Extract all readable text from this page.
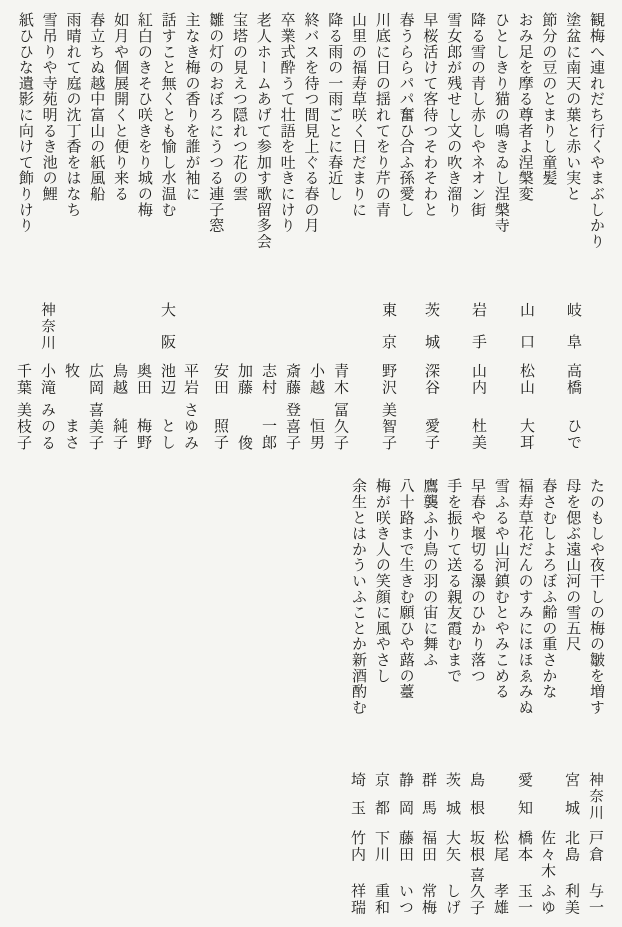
観梅へ連れだち行くやまぶしかり
塗盆に南天の葉と赤い実と
節分の豆のとまりし童髪
おみ足を摩る尊者よ涅槃変
ひとしきり猫の鳴きゐし涅槃寺
降る雪の青し赤しやネオン街
雪女郎が残せし文の吹き溜り
早桜活けて客待つそわそわと
春うららパパ奮ひ合ふ孫愛し
川底に日の揺れてをり芹の青
山里の福寿草咲く日だまりに
降る雨の一雨ごとに春近し
終バスを待つ間見上ぐる春の月
卒業式酔うて壮語を吐きにけり
老人ホームあげて参加す歌留多会
宝塔の見えつ隠れつ花の雲
雛の灯のおぼろにうつる連子窓
主なき梅の香りを誰が袖に
話すこと無くとも愉し水温む
紅白のきそひ咲きをり城の梅
如月や個展開くと便り来る
春立ちぬ越中富山の紙風船
雨晴れて庭の沈丁香をはなち
雪吊りや寺苑明るき池の鯉
紙ひひな遺影に向けて飾りけり
岐阜
高橋
ひで
山口
松山
大耳
岩手
山内
杜美
茨城
深谷
愛子
東京
野沢
美智子
青木
冨久子
小越
恒男
斎藤
登喜子
志村
一郎
加藤
俊
安田
照子
平岩
さゆみ
大阪
池辺
とし
奥田
梅野
鳥越
純子
広岡
喜美子
牧
まさ
神奈川
小滝
みのる
千葉
美枝子
たのもしや夜干しの梅の皺を増す
母を偲ぶ遠山河の雪五尺
春さむしよろぼふ齢の重さかな
福寿草花だんのすみにほほゑみぬ
雪ふるや山河鎮むとやみこめる
早春や堰切る瀑のひかり落つ
手を振りて送る親友霞むまで
鷹襲ふ小鳥の羽の宙に舞ふ
八十路まで生きむ願ひや蕗の薹
梅が咲き人の笑顔に風やさし
余生とはかういふことか新酒酌む
神奈川
戸倉
与一
宮城
北島
利美
佐々木
ふゆ
愛知
橋本
玉一
松尾
孝雄
島根
坂根
喜久子
茨城
大矢
しげ
群馬
福田
常梅
静岡
藤田
いつ
京都
下川
重和
埼玉
竹内
祥瑞
